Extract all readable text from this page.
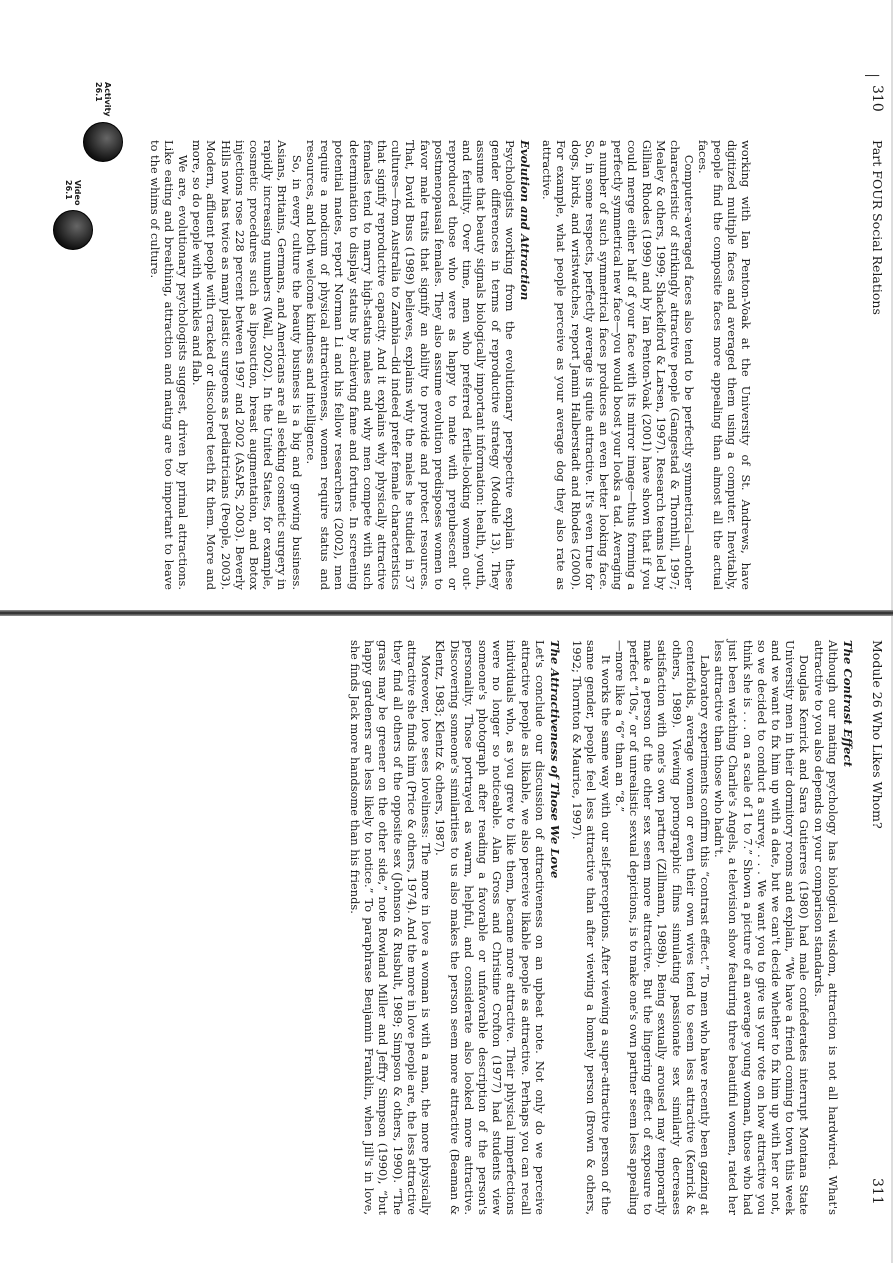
310
Part FOUR Social Relations
Activity
26.1
Video
26.1	working with Ian Penton-Voak at the University of St. Andrews, have digitized multiple faces and averaged them using a computer. Inevitably, people find the composite faces more appealing than almost all the actual faces.

Computer-averaged faces also tend to be perfectly symmetrical—another characteristic of strikingly attractive people (Gangestad & Thornhill, 1997; Mealey & others, 1999; Shackelford & Larsen, 1997). Research teams led by Gillian Rhodes (1999) and by Ian Penton-Voak (2001) have shown that if you could merge either half of your face with its mirror image—thus forming a perfectly symmetrical new face—you would boost your looks a tad. Averaging a number of such symmetrical faces produces an even better looking face. So, in some respects, perfectly average is quite attractive. It's even true for dogs, birds, and wristwatches, report Jamin Halberstadt and Rhodes (2000). For example, what people perceive as your average dog they also rate as attractive.

Evolution and Attraction

Psychologists working from the evolutionary perspective explain these gender differences in terms of reproductive strategy (Module 13). They assume that beauty signals biologically important information: health, youth, and fertility. Over time, men who preferred fertile-looking women out-reproduced those who were as happy to mate with prepubescent or postmenopausal females. They also assume evolution predisposes women to favor male traits that signify an ability to provide and protect resources. That, David Buss (1989) believes, explains why the males he studied in 37 cultures—from Australia to Zambia—did indeed prefer female characteristics that signify reproductive capacity. And it explains why physically attractive females tend to marry high-status males and why men compete with such determination to display status by achieving fame and fortune. In screening potential mates, report Norman Li and his fellow researchers (2002), men require a modicum of physical attractiveness, women require status and resources, and both welcome kindness and intelligence.

So, in every culture the beauty business is a big and growing business. Asians, Britains, Germans, and Americans are all seeking cosmetic surgery in rapidly increasing numbers (Wall, 2002). In the United States, for example, cosmetic procedures such as liposuction, breast augmentation, and Botox injections rose 228 percent between 1997 and 2002 (ASAPS, 2003). Beverly Hills now has twice as many plastic surgeons as pediatricians (People, 2003). Modern, affluent people with cracked or discolored teeth fix them. More and more, so do people with wrinkles and flab.

We are, evolutionary psychologists suggest, driven by primal attractions. Like eating and breathing, attraction and mating are too important to leave to the whims of culture.

│
Module 26 Who Likes Whom?
311
The Contrast Effect

Although our mating psychology has biological wisdom, attraction is not all hardwired. What's attractive to you also depends on your comparison standards.

Douglas Kenrick and Sara Gutierres (1980) had male confederates interrupt Montana State University men in their dormitory rooms and explain, “We have a friend coming to town this week and we want to fix him up with a date, but we can't decide whether to fix him up with her or not, so we decided to conduct a survey. . . . We want you to give us your vote on how attractive you think she is . . . on a scale of 1 to 7.” Shown a picture of an average young woman, those who had just been watching Charlie's Angels, a television show featuring three beautiful women, rated her less attractive than those who hadn't.

Laboratory experiments confirm this “contrast effect.” To men who have recently been gazing at centerfolds, average women or even their own wives tend to seem less attractive (Kenrick & others, 1989). Viewing pornographic films simulating passionate sex similarly decreases satisfaction with one's own partner (Zillmann, 1989b). Being sexually aroused may temporarily make a person of the other sex seem more attractive. But the lingering effect of exposure to perfect “10s,” or of unrealistic sexual depictions, is to make one's own partner seem less appealing—more like a “6” than an “8.”

It works the same way with our self-perceptions. After viewing a super-attractive person of the same gender, people feel less attractive than after viewing a homely person (Brown & others, 1992; Thornton & Maurice, 1997).

The Attractiveness of Those We Love

Let's conclude our discussion of attractiveness on an upbeat note. Not only do we perceive attractive people as likable, we also perceive likable people as attractive. Perhaps you can recall individuals who, as you grew to like them, became more attractive. Their physical imperfections were no longer so noticeable. Alan Gross and Christine Crofton (1977) had students view someone's photograph after reading a favorable or unfavorable description of the person's personality. Those portrayed as warm, helpful, and considerate also looked more attractive. Discovering someone's similarities to us also makes the person seem more attractive (Beaman & Klentz, 1983; Klentz & others, 1987).

Moreover, love sees loveliness: The more in love a woman is with a man, the more physically attractive she finds him (Price & others, 1974). And the more in love people are, the less attractive they find all others of the opposite sex (Johnson & Rusbult, 1989; Simpson & others, 1990). “The grass may be greener on the other side,” note Rowland Miller and Jeffry Simpson (1990), “but happy gardeners are less likely to notice.” To paraphrase Benjamin Franklin, when Jill's in love, she finds Jack more handsome than his friends.
